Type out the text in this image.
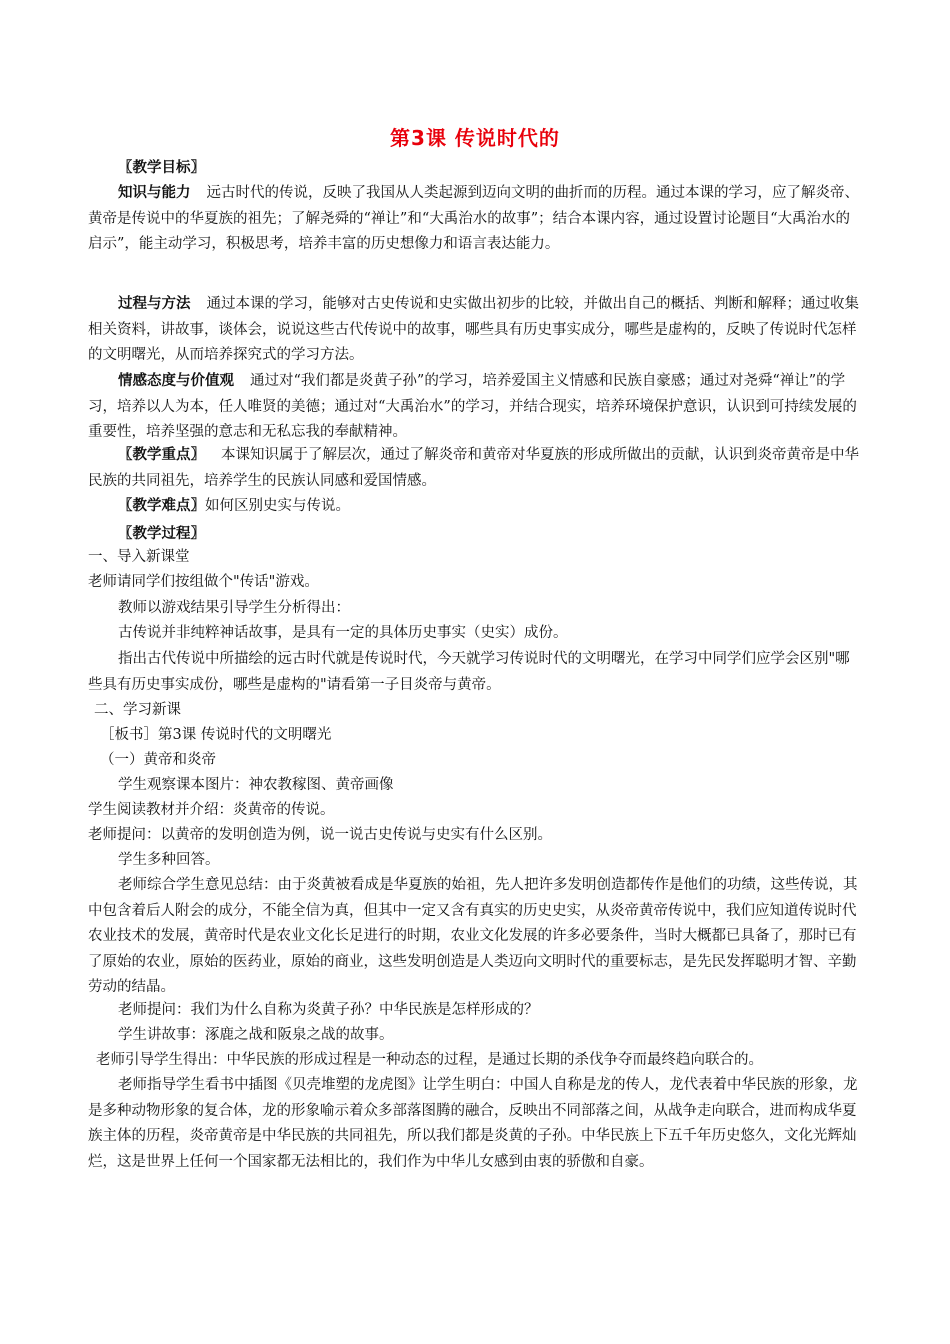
第3课 传说时代的
〖教学目标〗
知识与能力 远古时代的传说，反映了我国从人类起源到迈向文明的曲折而的历程。通过本课的学习，应了解炎帝、黄帝是传说中的华夏族的祖先；了解尧舜的“禅让”和“大禹治水的故事”；结合本课内容，通过设置讨论题目“大禹治水的启示”，能主动学习，积极思考，培养丰富的历史想像力和语言表达能力。
过程与方法 通过本课的学习，能够对古史传说和史实做出初步的比较，并做出自己的概括、判断和解释；通过收集相关资料，讲故事，谈体会，说说这些古代传说中的故事，哪些具有历史事实成分，哪些是虚构的，反映了传说时代怎样的文明曙光，从而培养探究式的学习方法。
情感态度与价值观 通过对“我们都是炎黄子孙”的学习，培养爱国主义情感和民族自豪感；通过对尧舜“禅让”的学习，培养以人为本，任人唯贤的美德；通过对“大禹治水”的学习，并结合现实，培养环境保护意识，认识到可持续发展的重要性，培养坚强的意志和无私忘我的奉献精神。
〖教学重点〗 本课知识属于了解层次，通过了解炎帝和黄帝对华夏族的形成所做出的贡献，认识到炎帝黄帝是中华民族的共同祖先，培养学生的民族认同感和爱国情感。
〖教学难点〗如何区别史实与传说。
〖教学过程〗
一、导入新课堂
老师请同学们按组做个"传话"游戏。
教师以游戏结果引导学生分析得出：
古传说并非纯粹神话故事，是具有一定的具体历史事实（史实）成份。
指出古代传说中所描绘的远古时代就是传说时代，今天就学习传说时代的文明曙光，在学习中同学们应学会区别"哪些具有历史事实成份，哪些是虚构的"请看第一子目炎帝与黄帝。
二、学习新课
［板书］第3课 传说时代的文明曙光
（一）黄帝和炎帝
学生观察课本图片：神农教稼图、黄帝画像
学生阅读教材并介绍：炎黄帝的传说。
老师提问：以黄帝的发明创造为例，说一说古史传说与史实有什么区别。
学生多种回答。
老师综合学生意见总结：由于炎黄被看成是华夏族的始祖，先人把许多发明创造都传作是他们的功绩，这些传说，其中包含着后人附会的成分，不能全信为真，但其中一定又含有真实的历史史实，从炎帝黄帝传说中，我们应知道传说时代农业技术的发展，黄帝时代是农业文化长足进行的时期，农业文化发展的许多必要条件，当时大概都已具备了，那时已有了原始的农业，原始的医药业，原始的商业，这些发明创造是人类迈向文明时代的重要标志，是先民发挥聪明才智、辛勤劳动的结晶。
老师提问：我们为什么自称为炎黄子孙？中华民族是怎样形成的？
学生讲故事：涿鹿之战和阪泉之战的故事。
老师引导学生得出：中华民族的形成过程是一种动态的过程，是通过长期的杀伐争夺而最终趋向联合的。
老师指导学生看书中插图《贝壳堆塑的龙虎图》让学生明白：中国人自称是龙的传人，龙代表着中华民族的形象，龙是多种动物形象的复合体，龙的形象喻示着众多部落图腾的融合，反映出不同部落之间，从战争走向联合，进而构成华夏族主体的历程，炎帝黄帝是中华民族的共同祖先，所以我们都是炎黄的子孙。中华民族上下五千年历史悠久，文化光辉灿烂，这是世界上任何一个国家都无法相比的，我们作为中华儿女感到由衷的骄傲和自豪。
